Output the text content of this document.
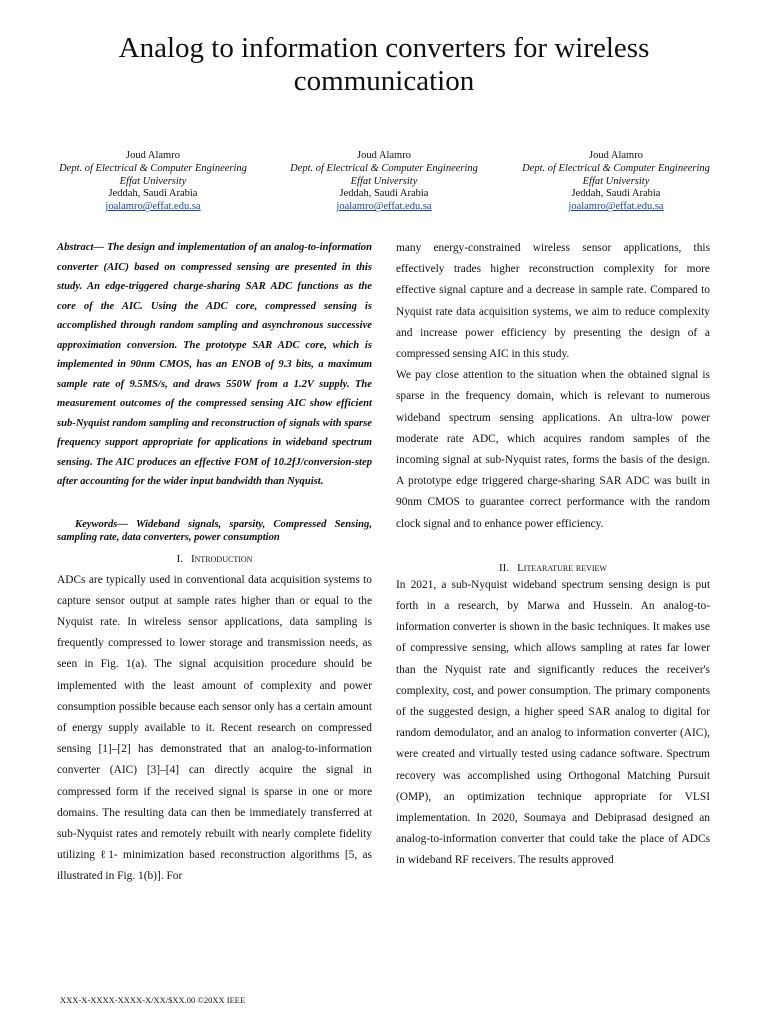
Analog to information converters for wireless communication
Joud Alamro
Dept. of Electrical & Computer Engineering
Effat University
Jeddah, Saudi Arabia
joalamro@effat.edu.sa
Joud Alamro
Dept. of Electrical & Computer Engineering
Effat University
Jeddah, Saudi Arabia
joalamro@effat.edu.sa
Joud Alamro
Dept. of Electrical & Computer Engineering
Effat University
Jeddah, Saudi Arabia
joalamro@effat.edu.sa

Abstract— The design and implementation of an analog-to-information converter (AIC) based on compressed sensing are presented in this study. An edge-triggered charge-sharing SAR ADC functions as the core of the AIC. Using the ADC core, compressed sensing is accomplished through random sampling and asynchronous successive approximation conversion. The prototype SAR ADC core, which is implemented in 90nm CMOS, has an ENOB of 9.3 bits, a maximum sample rate of 9.5MS/s, and draws 550W from a 1.2V supply. The measurement outcomes of the compressed sensing AIC show efficient sub-Nyquist random sampling and reconstruction of signals with sparse frequency support appropriate for applications in wideband spectrum sensing. The AIC produces an effective FOM of 10.2fJ/conversion-step after accounting for the wider input bandwidth than Nyquist.

Keywords— Wideband signals, sparsity, Compressed Sensing, sampling rate, data converters, power consumption

I. Introduction

ADCs are typically used in conventional data acquisition systems to capture sensor output at sample rates higher than or equal to the Nyquist rate. In wireless sensor applications, data sampling is frequently compressed to lower storage and transmission needs, as seen in Fig. 1(a). The signal acquisition procedure should be implemented with the least amount of complexity and power consumption possible because each sensor only has a certain amount of energy supply available to it. Recent research on compressed sensing [1]–[2] has demonstrated that an analog-to-information converter (AIC) [3]–[4] can directly acquire the signal in compressed form if the received signal is sparse in one or more domains. The resulting data can then be immediately transferred at sub-Nyquist rates and remotely rebuilt with nearly complete fidelity utilizing ℓ1- minimization based reconstruction algorithms [5, as illustrated in Fig. 1(b)]. For

many energy-constrained wireless sensor applications, this effectively trades higher reconstruction complexity for more effective signal capture and a decrease in sample rate. Compared to Nyquist rate data acquisition systems, we aim to reduce complexity and increase power efficiency by presenting the design of a compressed sensing AIC in this study.

We pay close attention to the situation when the obtained signal is sparse in the frequency domain, which is relevant to numerous wideband spectrum sensing applications. An ultra-low power moderate rate ADC, which acquires random samples of the incoming signal at sub-Nyquist rates, forms the basis of the design. A prototype edge triggered charge-sharing SAR ADC was built in 90nm CMOS to guarantee correct performance with the random clock signal and to enhance power efficiency.

II. Litearature review

In 2021, a sub-Nyquist wideband spectrum sensing design is put forth in a research, by Marwa and Hussein. An analog-to-information converter is shown in the basic techniques. It makes use of compressive sensing, which allows sampling at rates far lower than the Nyquist rate and significantly reduces the receiver's complexity, cost, and power consumption. The primary components of the suggested design, a higher speed SAR analog to digital for random demodulator, and an analog to information converter (AIC), were created and virtually tested using cadance software. Spectrum recovery was accomplished using Orthogonal Matching Pursuit (OMP), an optimization technique appropriate for VLSI implementation. In 2020, Soumaya and Debiprasad designed an analog-to-information converter that could take the place of ADCs in wideband RF receivers. The results approved

XXX-X-XXXX-XXXX-X/XX/$XX.00 ©20XX IEEE
